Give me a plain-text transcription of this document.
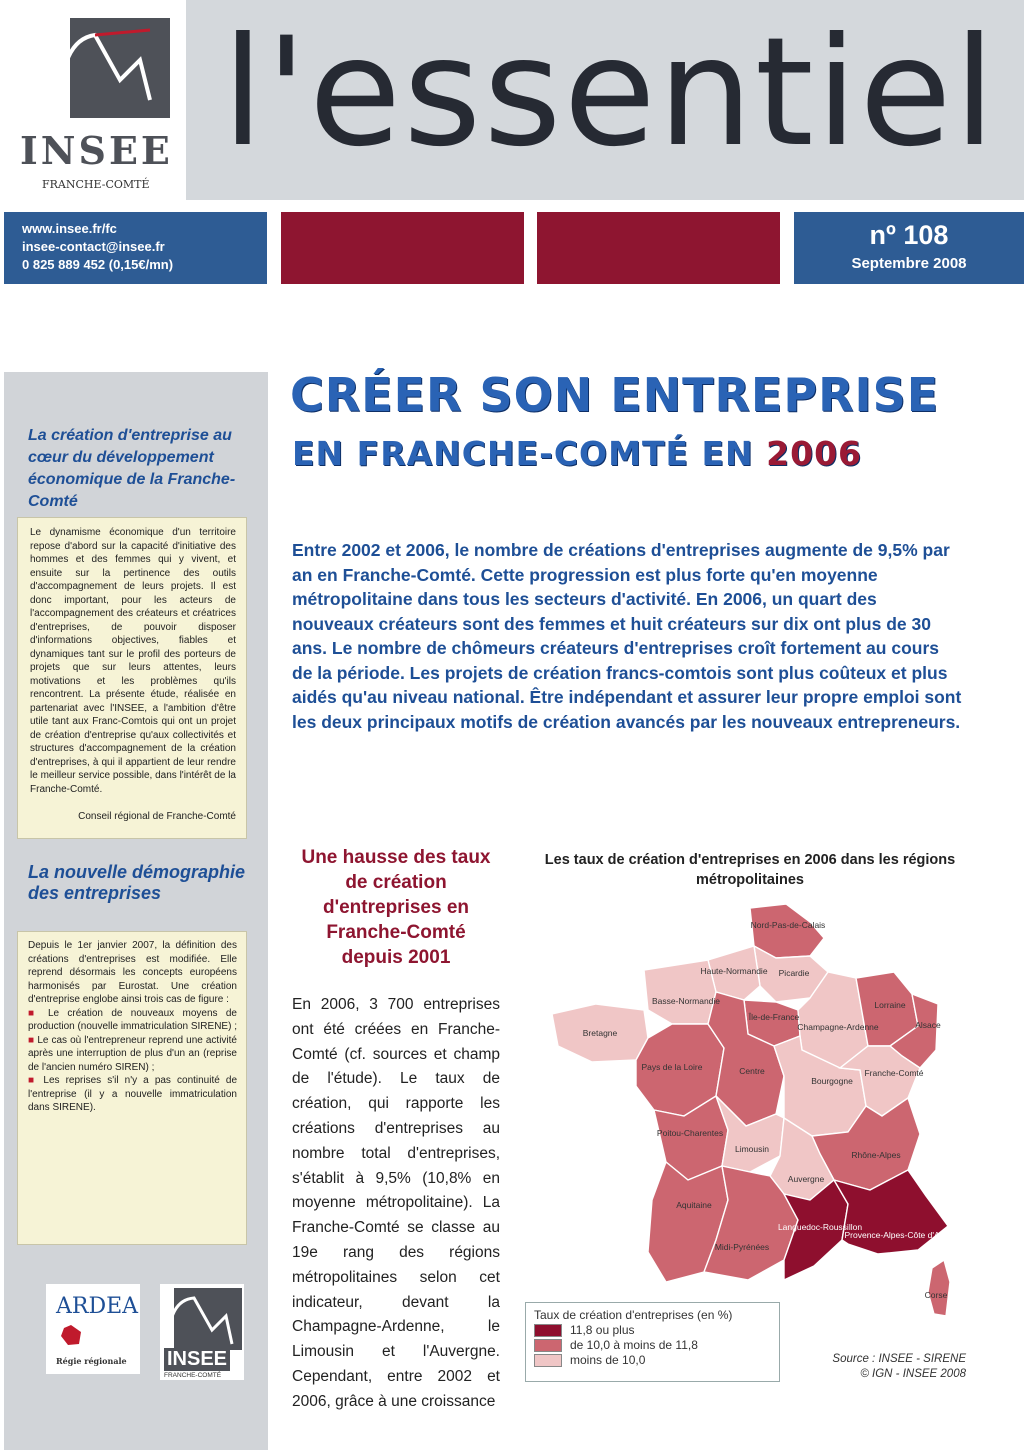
INSEE
FRANCHE-COMTÉ
l'essentiel
www.insee.fr/fc
insee-contact@insee.fr
0 825 889 452 (0,15€/mn)
nº 108
Septembre 2008
La création d'entreprise au cœur du développement économique de la Franche-Comté
Le dynamisme économique d'un territoire repose d'abord sur la capacité d'initiative des hommes et des femmes qui y vivent, et ensuite sur la pertinence des outils d'accompagnement de leurs projets. Il est donc important, pour les acteurs de l'accompagnement des créateurs et créatrices d'entreprises, de pouvoir disposer d'informations objectives, fiables et dynamiques tant sur le profil des porteurs de projets que sur leurs attentes, leurs motivations et les problèmes qu'ils rencontrent. La présente étude, réalisée en partenariat avec l'INSEE, a l'ambition d'être utile tant aux Franc-Comtois qui ont un projet de création d'entreprise qu'aux collectivités et structures d'accompagnement de la création d'entreprises, à qui il appartient de leur rendre le meilleur service possible, dans l'intérêt de la Franche-Comté.
Conseil régional de Franche-Comté
La nouvelle démographie des entreprises
Depuis le 1er janvier 2007, la définition des créations d'entreprises est modifiée. Elle reprend désormais les concepts européens harmonisés par Eurostat. Une création d'entreprise englobe ainsi trois cas de figure :
■ Le création de nouveaux moyens de production (nouvelle immatriculation SIRENE) ;
■ Le cas où l'entrepreneur reprend une activité après une interruption de plus d'un an (reprise de l'ancien numéro SIREN) ;
■ Les reprises s'il n'y a pas continuité de l'entreprise (il y a nouvelle immatriculation dans SIRENE).
ARDEA
Régie régionale INSEE
FRANCHE-COMTÉ
CRÉER SON ENTREPRISE
EN FRANCHE-COMTÉ EN 2006
Entre 2002 et 2006, le nombre de créations d'entreprises augmente de 9,5% par an en Franche-Comté. Cette progression est plus forte qu'en moyenne métropolitaine dans tous les secteurs d'activité. En 2006, un quart des nouveaux créateurs sont des femmes et huit créateurs sur dix ont plus de 30 ans. Le nombre de chômeurs créateurs d'entreprises croît fortement au cours de la période. Les projets de création francs-comtois sont plus coûteux et plus aidés qu'au niveau national. Être indépendant et assurer leur propre emploi sont les deux principaux motifs de création avancés par les nouveaux entrepreneurs.
Une hausse des taux de création d'entreprises en Franche-Comté depuis 2001
En 2006, 3 700 entreprises ont été créées en Franche-Comté (cf. sources et champ de l'étude). Le taux de création, qui rapporte les créations d'entreprises au nombre total d'entreprises, s'établit à 9,5% (10,8% en moyenne métropolitaine). La Franche-Comté se classe au 19e rang des régions métropolitaines selon cet indicateur, devant la Champagne-Ardenne, le Limousin et l'Auvergne. Cependant, entre 2002 et 2006, grâce à une croissance
Les taux de création d'entreprises en 2006 dans les régions métropolitaines
Nord-Pas-de-Calais
Haute-Normandie Picardie
Basse-Normandie
Île-de-France
Lorraine
Alsace
Bretagne
Champagne-Ardenne
Pays de la Loire	Centre
Bourgogne
Franche-Comté
Poitou-Charentes
Limousin
Rhône-Alpes
Auvergne
Aquitaine
Midi-Pyrénées
Languedoc-Roussillon
Provence-Alpes-Côte d'Azur
Corse
Taux de création d'entreprises (en %)
11,8 ou plus
de 10,0 à moins de 11,8
moins de 10,0	Source : INSEE - SIRENE
© IGN - INSEE 2008
